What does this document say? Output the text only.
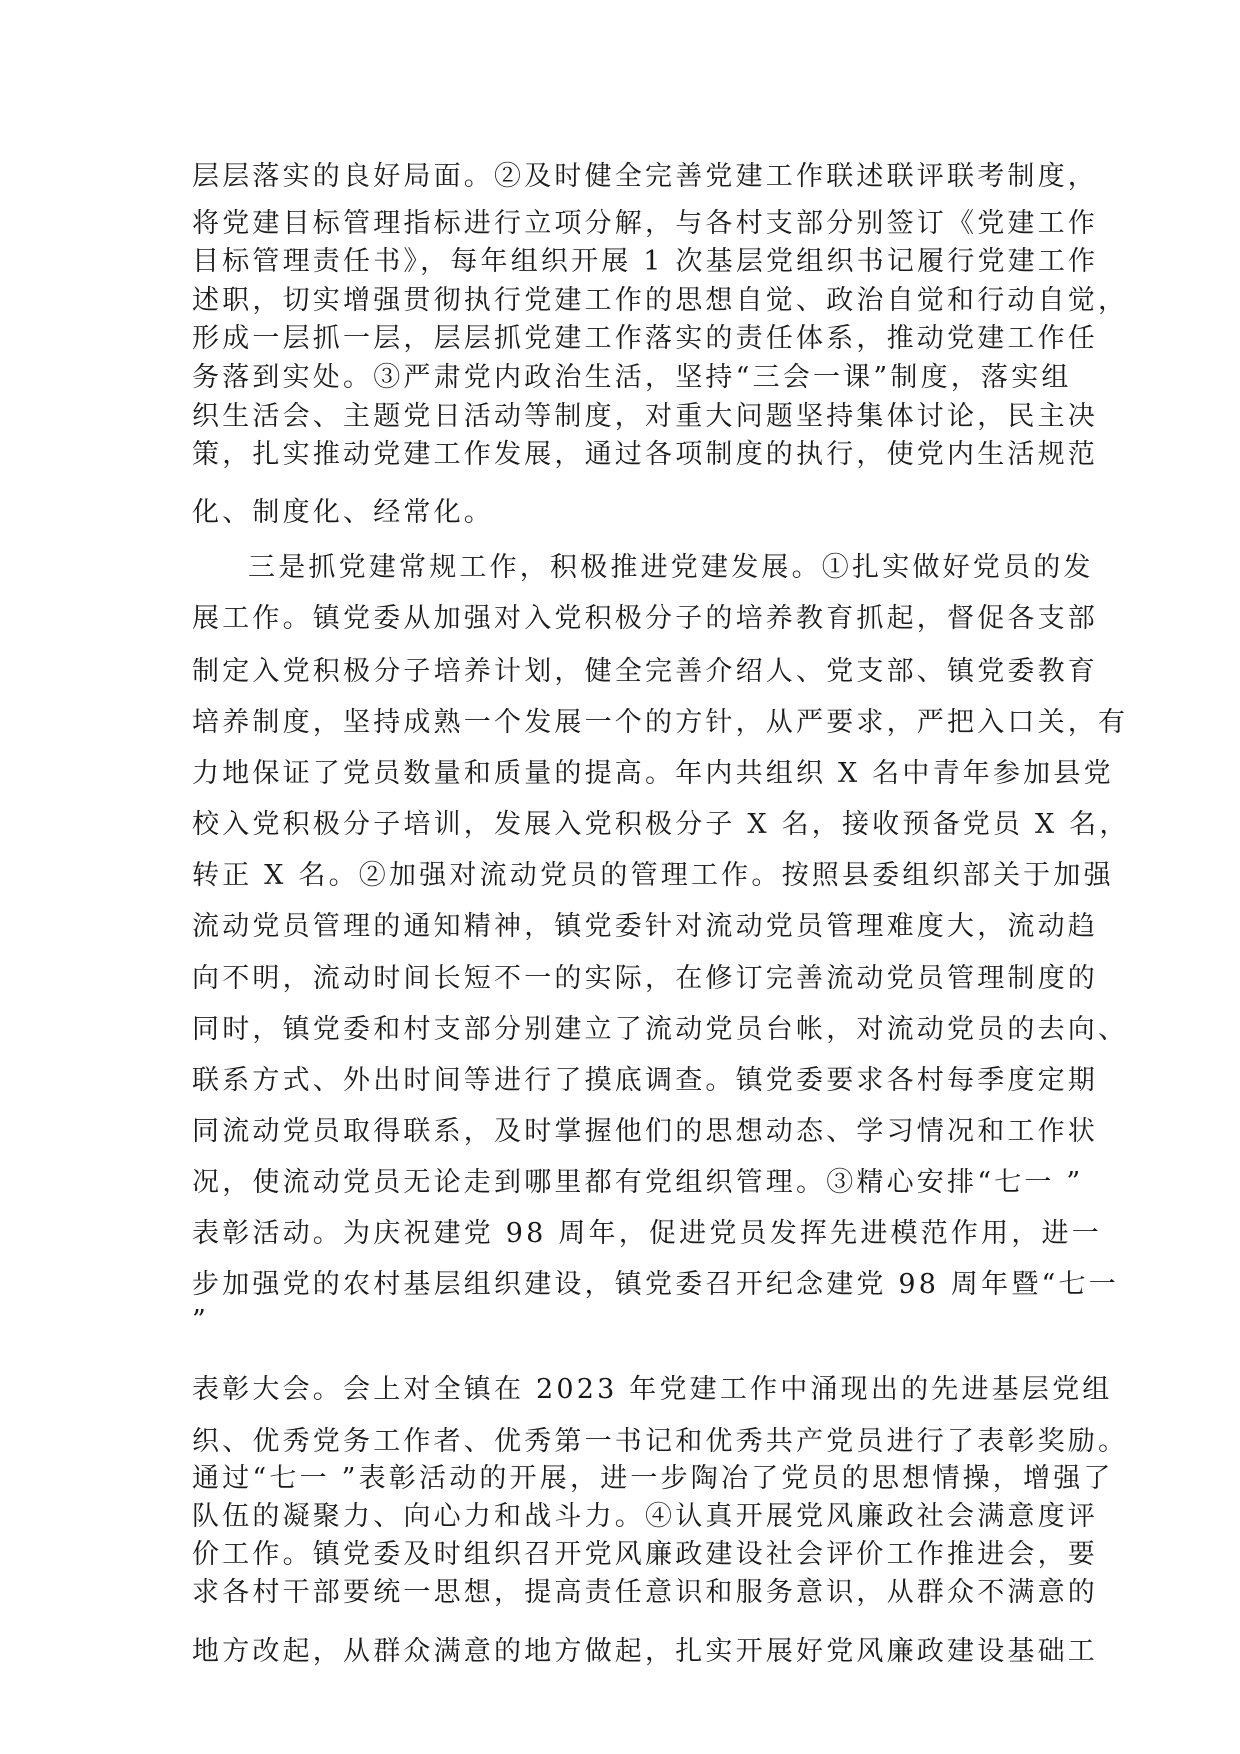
层层落实的良好局面。②及时健全完善党建工作联述联评联考制度，
将党建目标管理指标进行立项分解，与各村支部分别签订《党建工作
目标管理责任书》，每年组织开展 1 次基层党组织书记履行党建工作
述职，切实增强贯彻执行党建工作的思想自觉、政治自觉和行动自觉，
形成一层抓一层，层层抓党建工作落实的责任体系，推动党建工作任
务落到实处。③严肃党内政治生活，坚持“三会一课”制度，落实组
织生活会、主题党日活动等制度，对重大问题坚持集体讨论，民主决
策，扎实推动党建工作发展，通过各项制度的执行，使党内生活规范
化、制度化、经常化。
三是抓党建常规工作，积极推进党建发展。①扎实做好党员的发
展工作。镇党委从加强对入党积极分子的培养教育抓起，督促各支部
制定入党积极分子培养计划，健全完善介绍人、党支部、镇党委教育
培养制度，坚持成熟一个发展一个的方针，从严要求，严把入口关，有
力地保证了党员数量和质量的提高。年内共组织 X 名中青年参加县党
校入党积极分子培训，发展入党积极分子 X 名，接收预备党员 X 名，
转正 X 名。②加强对流动党员的管理工作。按照县委组织部关于加强
流动党员管理的通知精神，镇党委针对流动党员管理难度大，流动趋
向不明，流动时间长短不一的实际，在修订完善流动党员管理制度的
同时，镇党委和村支部分别建立了流动党员台帐，对流动党员的去向、
联系方式、外出时间等进行了摸底调查。镇党委要求各村每季度定期
同流动党员取得联系，及时掌握他们的思想动态、学习情况和工作状
况，使流动党员无论走到哪里都有党组织管理。③精心安排“七一 ”
表彰活动。为庆祝建党 98 周年，促进党员发挥先进模范作用，进一
步加强党的农村基层组织建设，镇党委召开纪念建党 98 周年暨“七一
”
表彰大会。会上对全镇在 2023 年党建工作中涌现出的先进基层党组
织、优秀党务工作者、优秀第一书记和优秀共产党员进行了表彰奖励。
通过“七一 ”表彰活动的开展，进一步陶冶了党员的思想情操，增强了
队伍的凝聚力、向心力和战斗力。④认真开展党风廉政社会满意度评
价工作。镇党委及时组织召开党风廉政建设社会评价工作推进会，要
求各村干部要统一思想，提高责任意识和服务意识，从群众不满意的
地方改起，从群众满意的地方做起，扎实开展好党风廉政建设基础工
